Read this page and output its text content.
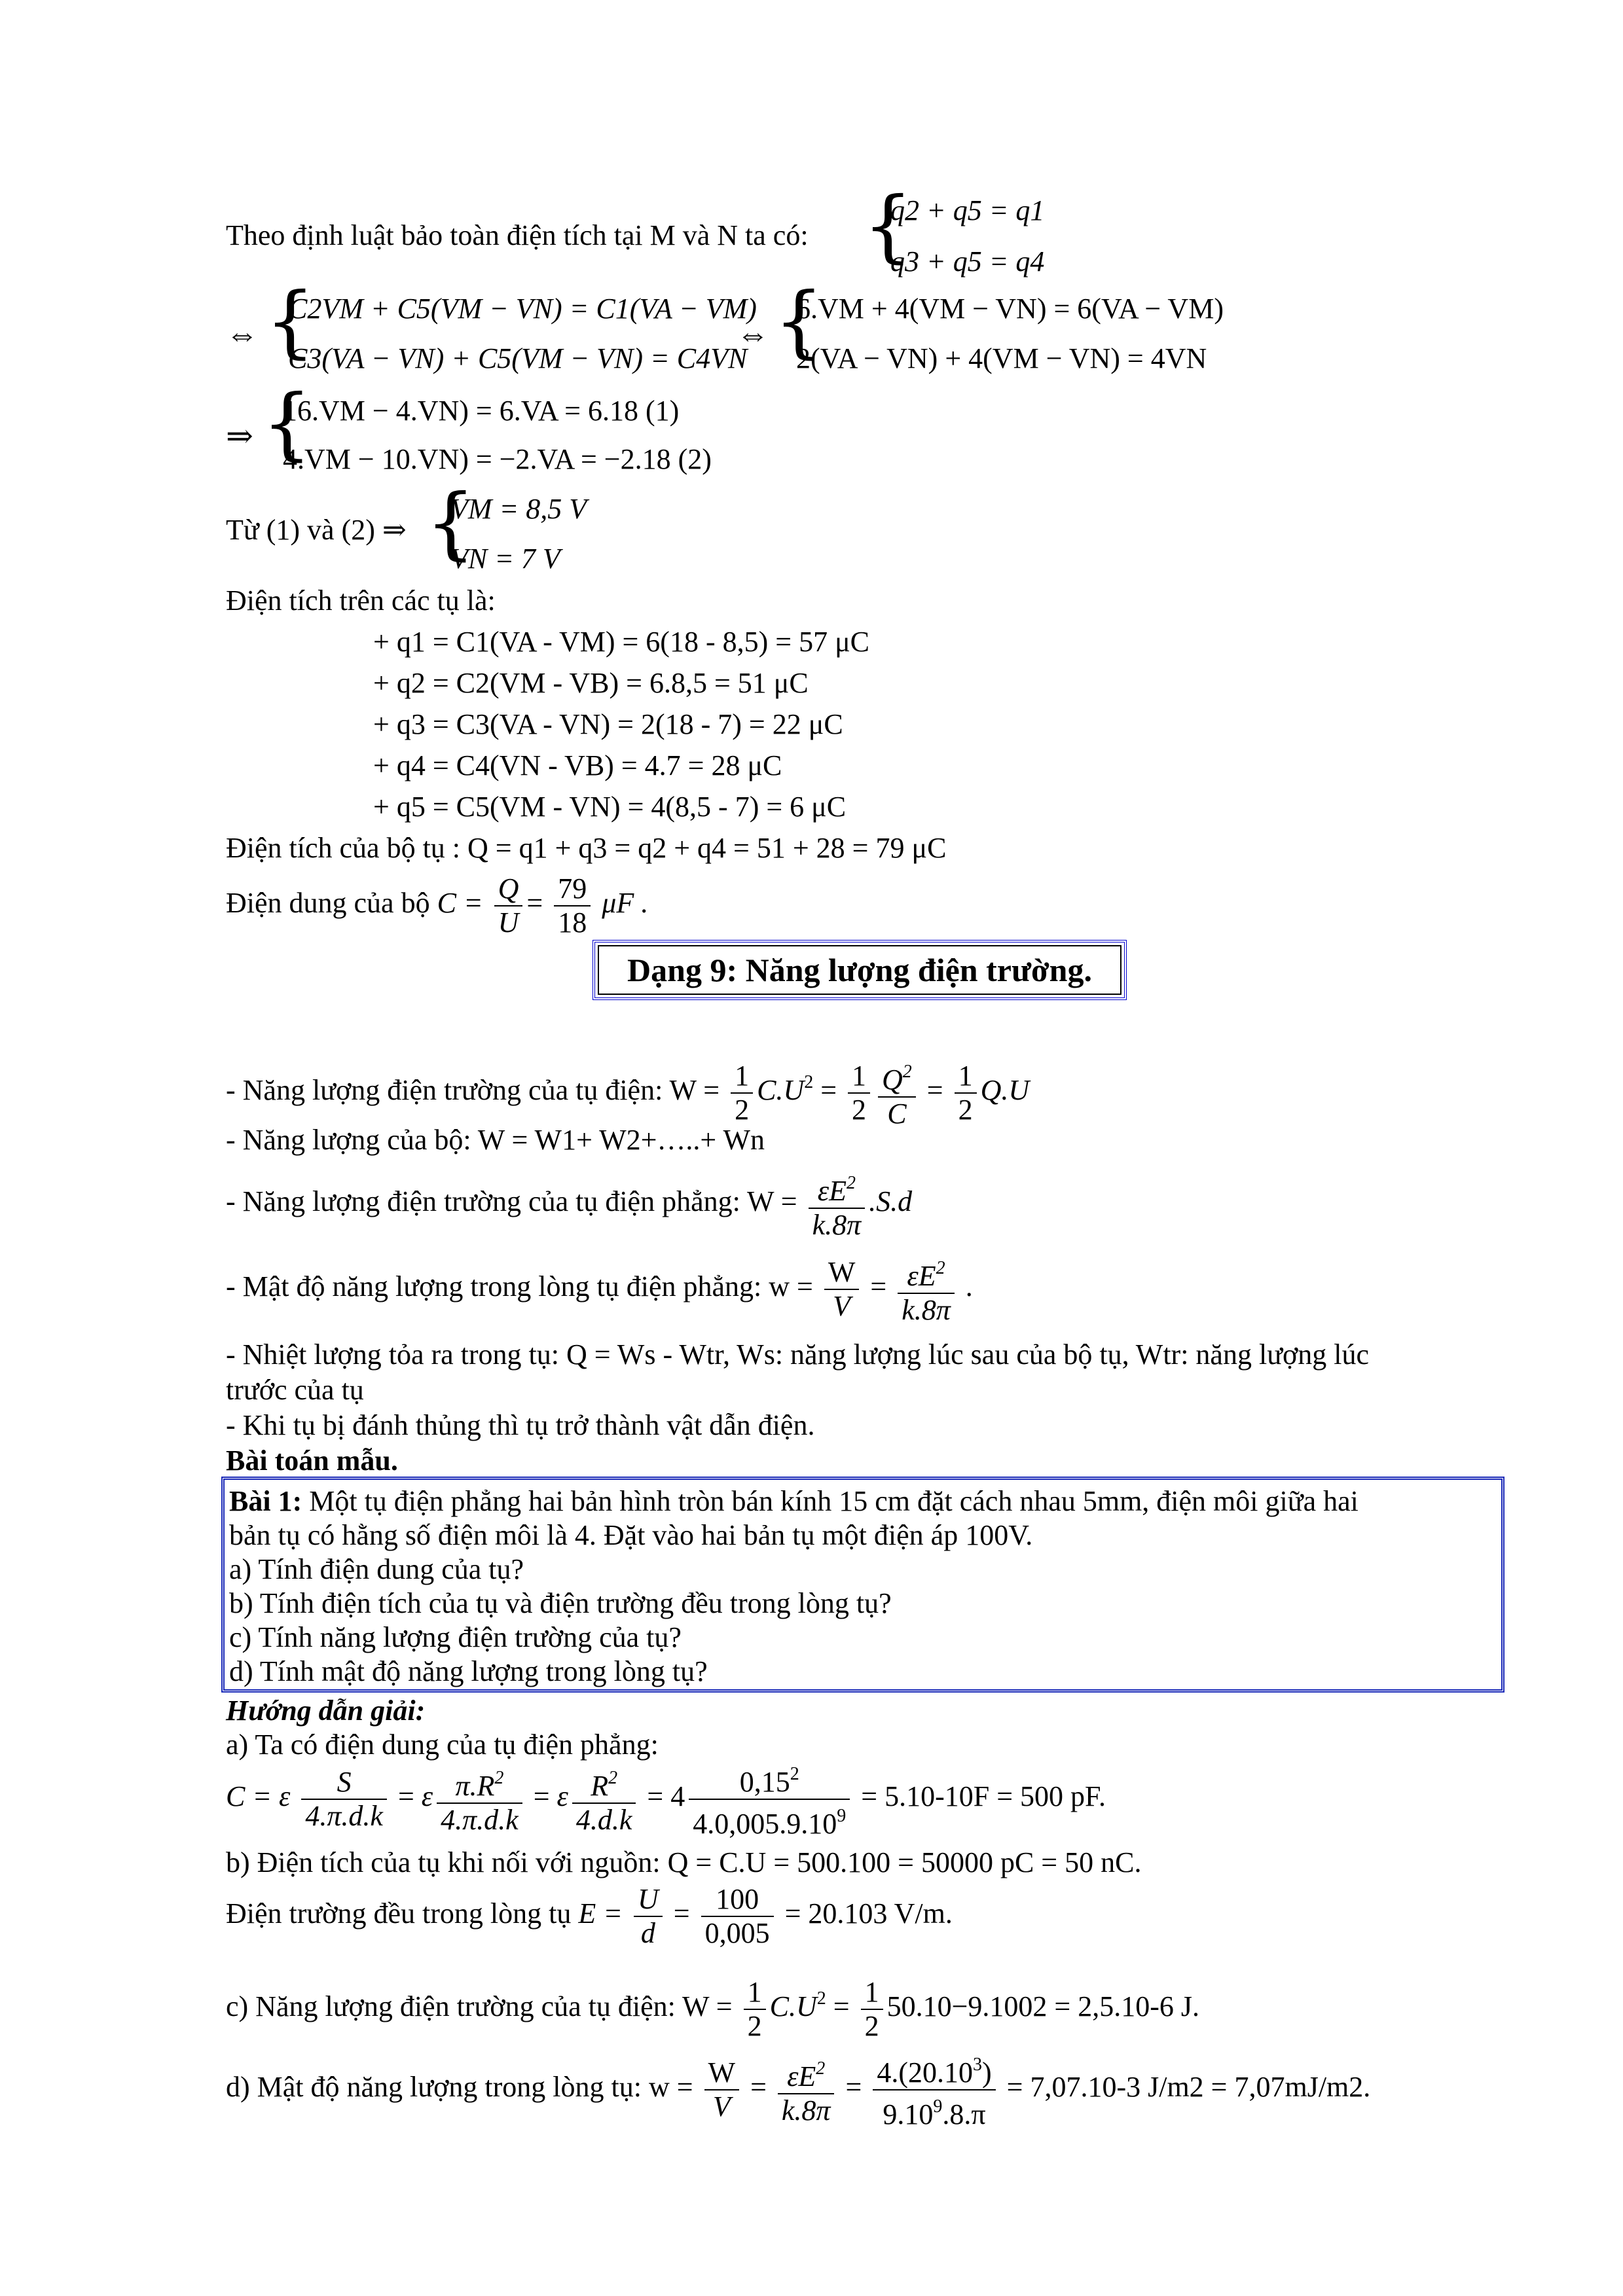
Theo định luật bảo toàn điện tích tại M và N ta có: {
q2 + q5 = q1
q3 + q5 = q4
⇔ {
C2VM + C5(VM − VN) = C1(VA − VM)
C3(VA − VN) + C5(VM − VN) = C4VN
⇔ {
6.VM + 4(VM − VN) = 6(VA − VM)
2(VA − VN) + 4(VM − VN) = 4VN
⇒ {
16.VM − 4.VN) = 6.VA = 6.18 (1)
4.VM − 10.VN) = −2.VA = −2.18 (2)
Từ (1) và (2) ⇒ {
VM = 8,5 V
VN = 7 V
Điện tích trên các tụ là:
+ q1 = C1(VA - VM) = 6(18 - 8,5) = 57 μC
+ q2 = C2(VM - VB) = 6.8,5 = 51 μC
+ q3 = C3(VA - VN) = 2(18 - 7) = 22 μC
+ q4 = C4(VN - VB) = 4.7 = 28 μC
+ q5 = C5(VM - VN) = 4(8,5 - 7) = 6 μC
Điện tích của bộ tụ : Q = q1 + q3 = q2 + q4 = 51 + 28 = 79 μC
Điện dung của bộ $C = \frac{Q}{U} = \frac{79}{18}$ μF .
Dạng 9: Năng lượng điện trường.
- Năng lượng điện trường của tụ điện: $W = \frac{1}{2} C.U^2 = \frac{1}{2} \frac{Q^2}{C} = \frac{1}{2} Q.U$
- Năng lượng của bộ: W = W1+ W2+…..+ Wn
- Năng lượng điện trường của tụ điện phẳng: $W = \frac{\varepsilon E^2}{k.8\pi} .S.d$
- Mật độ năng lượng trong lòng tụ điện phẳng: $w = \frac{W}{V} = \frac{\varepsilon E^2}{k.8\pi}$ .
- Nhiệt lượng tỏa ra trong tụ: Q = Ws - Wtr, Ws: năng lượng lúc sau của bộ tụ, Wtr: năng lượng lúc
trước của tụ
- Khi tụ bị đánh thủng thì tụ trở thành vật dẫn điện.
Bài toán mẫu.
Bài 1: Một tụ điện phẳng hai bản hình tròn bán kính 15 cm đặt cách nhau 5mm, điện môi giữa hai
bản tụ có hằng số điện môi là 4. Đặt vào hai bản tụ một điện áp 100V.
a) Tính điện dung của tụ?
b) Tính điện tích của tụ và điện trường đều trong lòng tụ?
c) Tính năng lượng điện trường của tụ?
d) Tính mật độ năng lượng trong lòng tụ?
Hướng dẫn giải:
a) Ta có điện dung của tụ điện phẳng:
C = ε $\frac{S}{4.\pi.d.k} = \varepsilon \frac{\pi.R^2}{4.\pi.d.k} = \varepsilon \frac{R^2}{4.d.k} = 4 \frac{0,15^2}{4.0,005.9.10^9} = 5.10-10F = 500$ pF.
b) Điện tích của tụ khi nối với nguồn: Q = C.U = 500.100 = 50000 pC = 50 nC.
Điện trường đều trong lòng tụ $E = \frac{U}{d} = \frac{100}{0,005} = 20.103$ V/m.
c) Năng lượng điện trường của tụ điện: $W = \frac{1}{2} C.U^2 = \frac{1}{2} 50.10-9.1002 = 2,5.10-6$ J.
d) Mật độ năng lượng trong lòng tụ: $w = \frac{W}{V} = \frac{\varepsilon E^2}{k.8\pi} = \frac{4.(20.10^3)}{9.10^9.8.\pi} = 7,07.10-3$ J/m2 = 7,07mJ/m2.
